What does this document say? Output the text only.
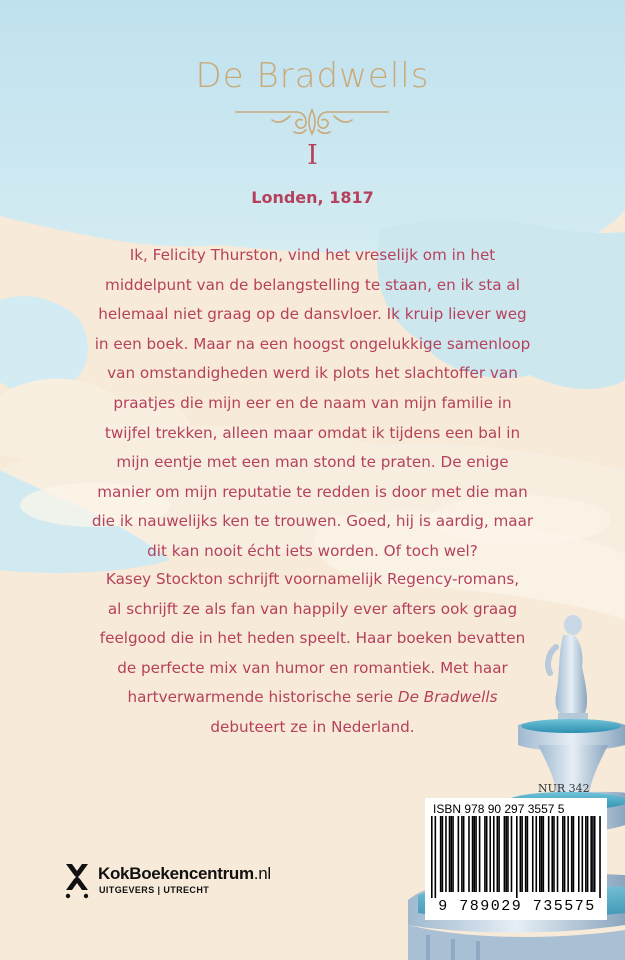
De Bradwells
I
Londen, 1817

Ik, Felicity Thurston, vind het vreselijk om in het
middelpunt van de belangstelling te staan, en ik sta al
helemaal niet graag op de dansvloer. Ik kruip liever weg
in een boek. Maar na een hoogst ongelukkige samenloop
van omstandigheden werd ik plots het slachtoffer van
praatjes die mijn eer en de naam van mijn familie in
twijfel trekken, alleen maar omdat ik tijdens een bal in
mijn eentje met een man stond te praten. De enige
manier om mijn reputatie te redden is door met die man
die ik nauwelijks ken te trouwen. Goed, hij is aardig, maar
dit kan nooit écht iets worden. Of toch wel?

Kasey Stockton schrijft voornamelijk Regency-romans,
al schrijft ze als fan van happily ever afters ook graag
feelgood die in het heden speelt. Haar boeken bevatten
de perfecte mix van humor en romantiek. Met haar
hartverwarmende historische serie De Bradwells
debuteert ze in Nederland.

NUR 342
ISBN 978 90 297 3557 5
9 789029 735575
KokBoekencentrum.nl
UITGEVERS | UTRECHT
